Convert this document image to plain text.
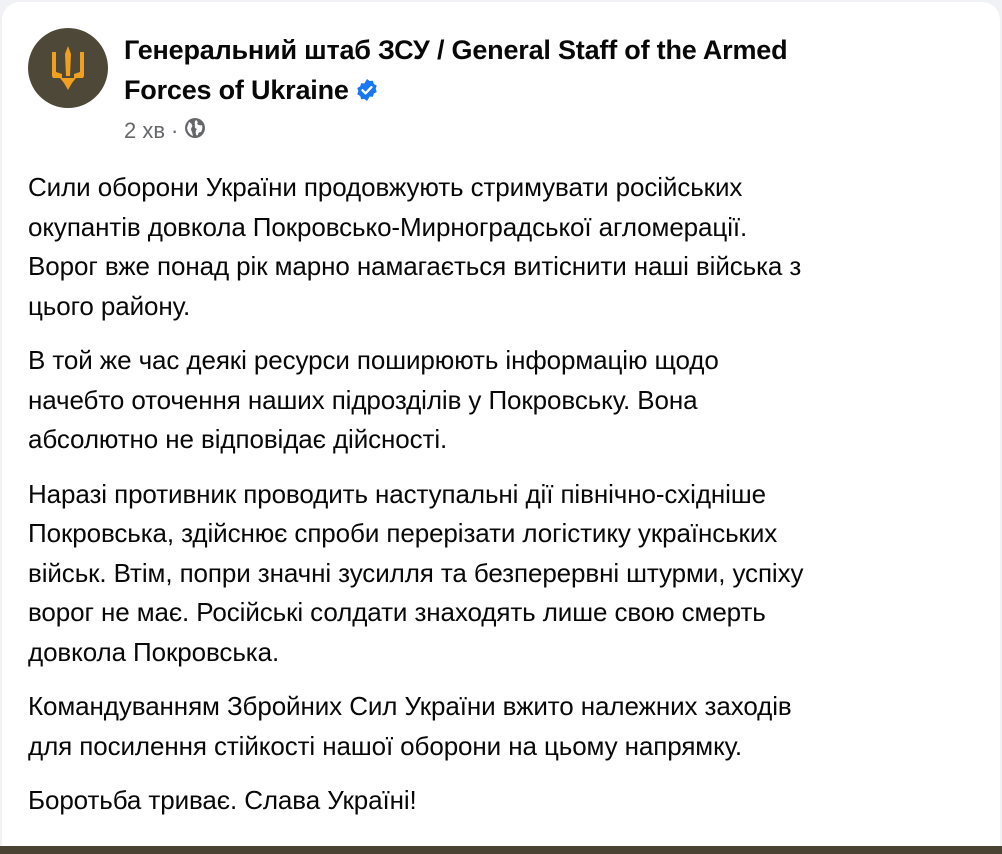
Генеральний штаб ЗСУ / General Staff of the Armed
Forces of Ukraine
2 хв ·

Сили оборони України продовжують стримувати російських
окупантів довкола Покровсько-Мирноградської агломерації.
Ворог вже понад рік марно намагається витіснити наші війська з
цього району.

В той же час деякі ресурси поширюють інформацію щодо
начебто оточення наших підрозділів у Покровську. Вона
абсолютно не відповідає дійсності.

Наразі противник проводить наступальні дії північно-східніше
Покровська, здійснює спроби перерізати логістику українських
військ. Втім, попри значні зусилля та безперервні штурми, успіху
ворог не має. Російські солдати знаходять лише свою смерть
довкола Покровська.

Командуванням Збройних Сил України вжито належних заходів
для посилення стійкості нашої оборони на цьому напрямку.

Боротьба триває. Слава Україні!
